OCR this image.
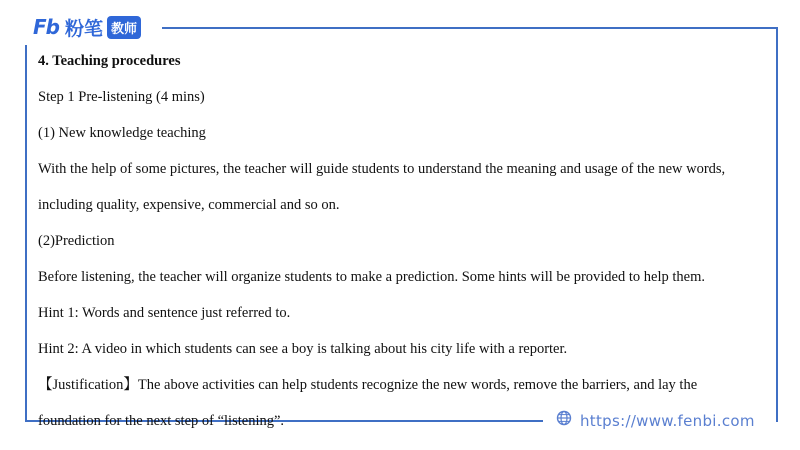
Fb 粉笔 教师

4. Teaching procedures

Step 1 Pre-listening (4 mins)

(1) New knowledge teaching

With the help of some pictures, the teacher will guide students to understand the meaning and usage of the new words,

including quality, expensive, commercial and so on.

(2)Prediction

Before listening, the teacher will organize students to make a prediction. Some hints will be provided to help them.

Hint 1: Words and sentence just referred to.

Hint 2: A video in which students can see a boy is talking about his city life with a reporter.

【Justification】The above activities can help students recognize the new words, remove the barriers, and lay the

foundation for the next step of “listening”.	https://www.fenbi.com
